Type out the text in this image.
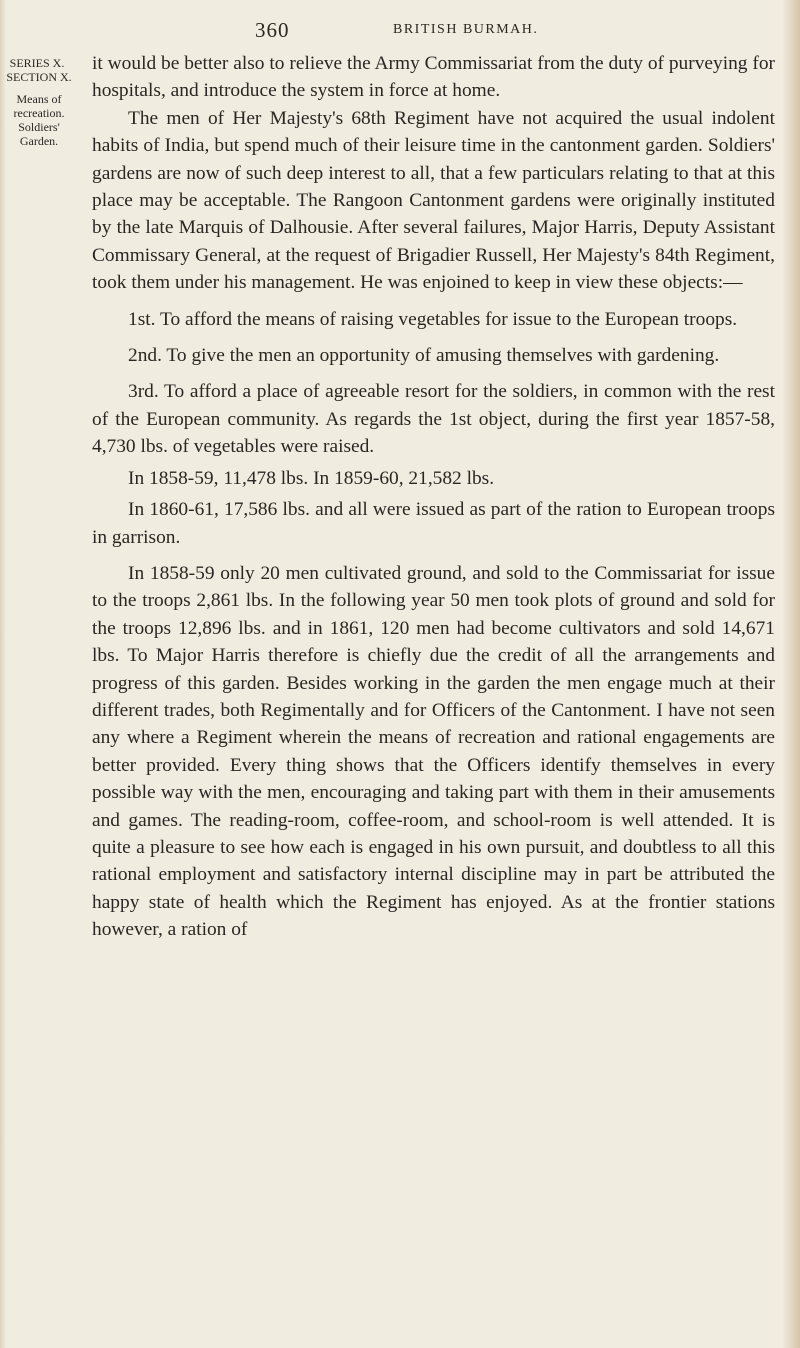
360	BRITISH BURMAH.
SERIES X.
SECTION X.
Means of recreation. Soldiers' Garden.

it would be better also to relieve the Army Commissariat from the duty of purveying for hospitals, and introduce the system in force at home.

The men of Her Majesty's 68th Regiment have not acquired the usual indolent habits of India, but spend much of their leisure time in the cantonment garden. Soldiers' gardens are now of such deep interest to all, that a few particulars relating to that at this place may be acceptable. The Rangoon Cantonment gardens were originally instituted by the late Marquis of Dalhousie. After several failures, Major Harris, Deputy Assistant Commissary General, at the request of Brigadier Russell, Her Majesty's 84th Regiment, took them under his management. He was enjoined to keep in view these objects:—

1st. To afford the means of raising vegetables for issue to the European troops.

2nd. To give the men an opportunity of amusing themselves with gardening.

3rd. To afford a place of agreeable resort for the soldiers, in common with the rest of the European community. As regards the 1st object, during the first year 1857-58, 4,730 lbs. of vegetables were raised.

In 1858-59, 11,478 lbs. In 1859-60, 21,582 lbs.

In 1860-61, 17,586 lbs. and all were issued as part of the ration to European troops in garrison.

In 1858-59 only 20 men cultivated ground, and sold to the Commissariat for issue to the troops 2,861 lbs. In the following year 50 men took plots of ground and sold for the troops 12,896 lbs. and in 1861, 120 men had become cultivators and sold 14,671 lbs. To Major Harris therefore is chiefly due the credit of all the arrangements and progress of this garden. Besides working in the garden the men engage much at their different trades, both Regimentally and for Officers of the Cantonment. I have not seen any where a Regiment wherein the means of recreation and rational engagements are better provided. Every thing shows that the Officers identify themselves in every possible way with the men, encouraging and taking part with them in their amusements and games. The reading-room, coffee-room, and school-room is well attended. It is quite a pleasure to see how each is engaged in his own pursuit, and doubtless to all this rational employment and satisfactory internal discipline may in part be attributed the happy state of health which the Regiment has enjoyed. As at the frontier stations however, a ration of
